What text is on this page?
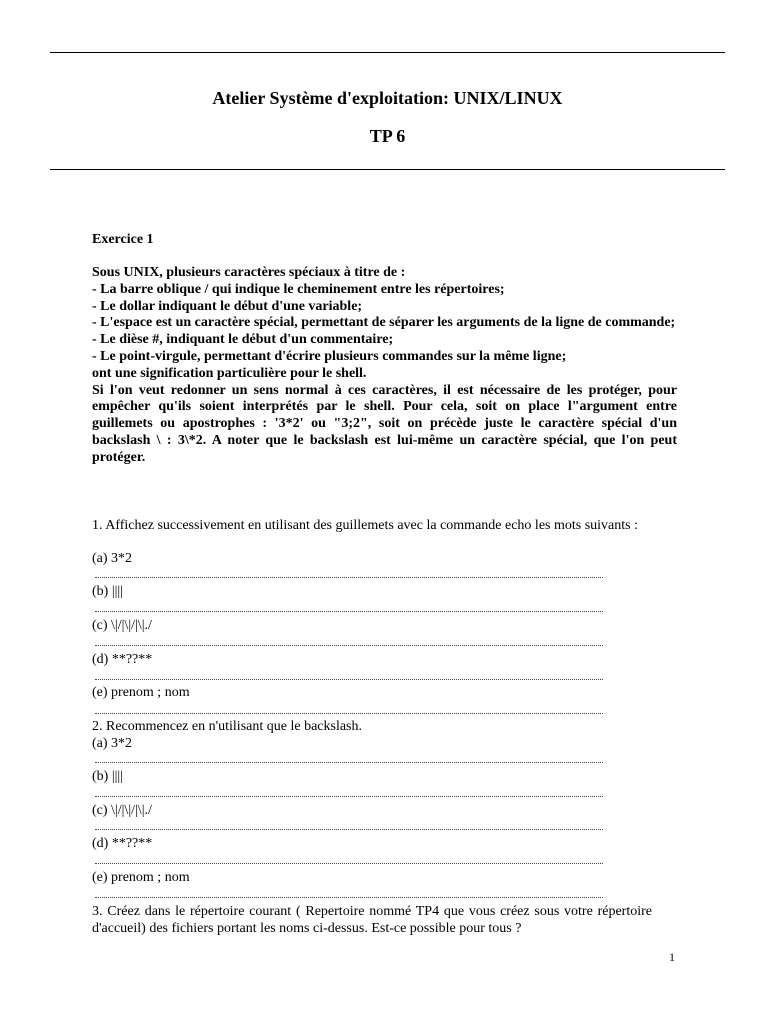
Atelier Système d'exploitation: UNIX/LINUX
TP 6
Exercice 1

Sous UNIX, plusieurs caractères spéciaux à titre de :

- La barre oblique / qui indique le cheminement entre les répertoires;

- Le dollar indiquant le début d'une variable;

- L'espace est un caractère spécial, permettant de séparer les arguments de la ligne de commande;

- Le dièse #, indiquant le début d'un commentaire;

- Le point-virgule, permettant d'écrire plusieurs commandes sur la même ligne;

ont une signification particulière pour le shell.

Si l'on veut redonner un sens normal à ces caractères, il est nécessaire de les protéger, pour empêcher qu'ils soient interprétés par le shell. Pour cela, soit on place l"argument entre guillemets ou apostrophes : '3*2' ou "3;2", soit on précède juste le caractère spécial d'un backslash \ : 3\*2. A noter que le backslash est lui-même un caractère spécial, que l'on peut protéger.

1. Affichez successivement en utilisant des guillemets avec la commande echo les mots suivants :
(a) 3*2
(b) ||||
(c) \|/|\|/|\|./
(d) **??**
(e) prenom ; nom
2. Recommencez en n'utilisant que le backslash.
(a) 3*2
(b) ||||
(c) \|/|\|/|\|./
(d) **??**
(e) prenom ; nom
3. Créez dans le répertoire courant ( Repertoire nommé TP4 que vous créez sous votre répertoire d'accueil) des fichiers portant les noms ci-dessus. Est-ce possible pour tous ?
1
